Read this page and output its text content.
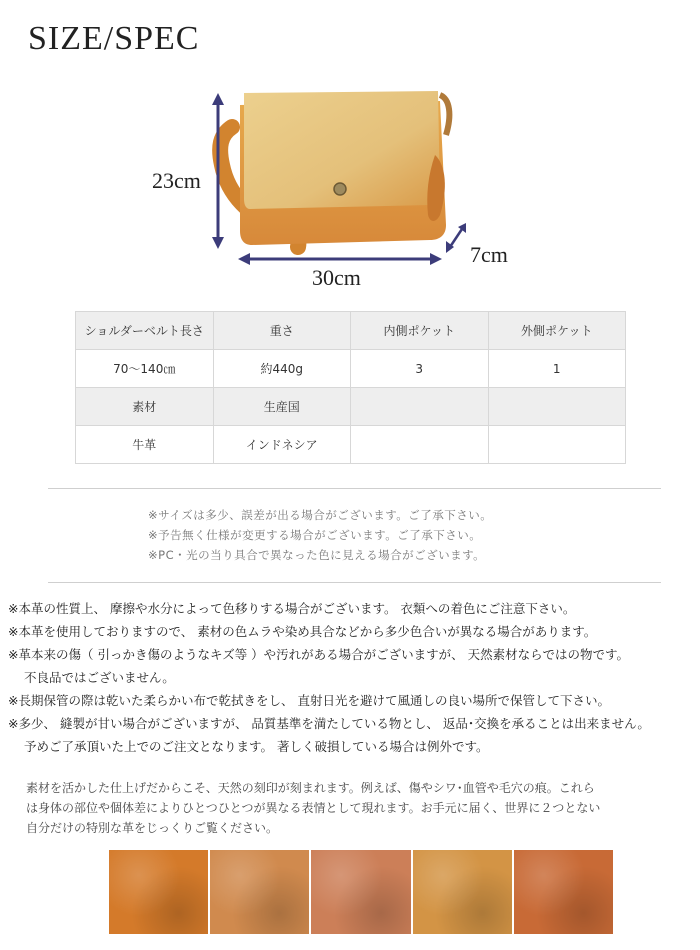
SIZE/SPEC
23cm
30cm
7cm
ショルダーベルト長さ	重さ	内側ポケット	外側ポケット
70～140㎝	約440g	3	1
素材	生産国		
牛革	インドネシア		
※サイズは多少、誤差が出る場合がございます。ご了承下さい。
※予告無く仕様が変更する場合がございます。ご了承下さい。
※PC・光の当り具合で異なった色に見える場合がございます。
※本革の性質上、 摩擦や水分によって色移りする場合がございます。 衣類への着色にご注意下さい。
※本革を使用しておりますので、 素材の色ムラや染め具合などから多少色合いが異なる場合があります。
※革本来の傷（ 引っかき傷のようなキズ等 ）や汚れがある場合がございますが、 天然素材ならではの物です。
不良品ではございません。
※長期保管の際は乾いた柔らかい布で乾拭きをし、 直射日光を避けて風通しの良い場所で保管して下さい。
※多少、 縫製が甘い場合がございますが、 品質基準を満たしている物とし、 返品･交換を承ることは出来ません。
予めご了承頂いた上でのご注文となります。 著しく破損している場合は例外です。
素材を活かした仕上げだからこそ、天然の刻印が刻まれます。例えば、傷やシワ･血管や毛穴の痕。これら
は身体の部位や個体差によりひとつひとつが異なる表情として現れます。お手元に届く、世界に２つとない
自分だけの特別な革をじっくりご覧ください。
